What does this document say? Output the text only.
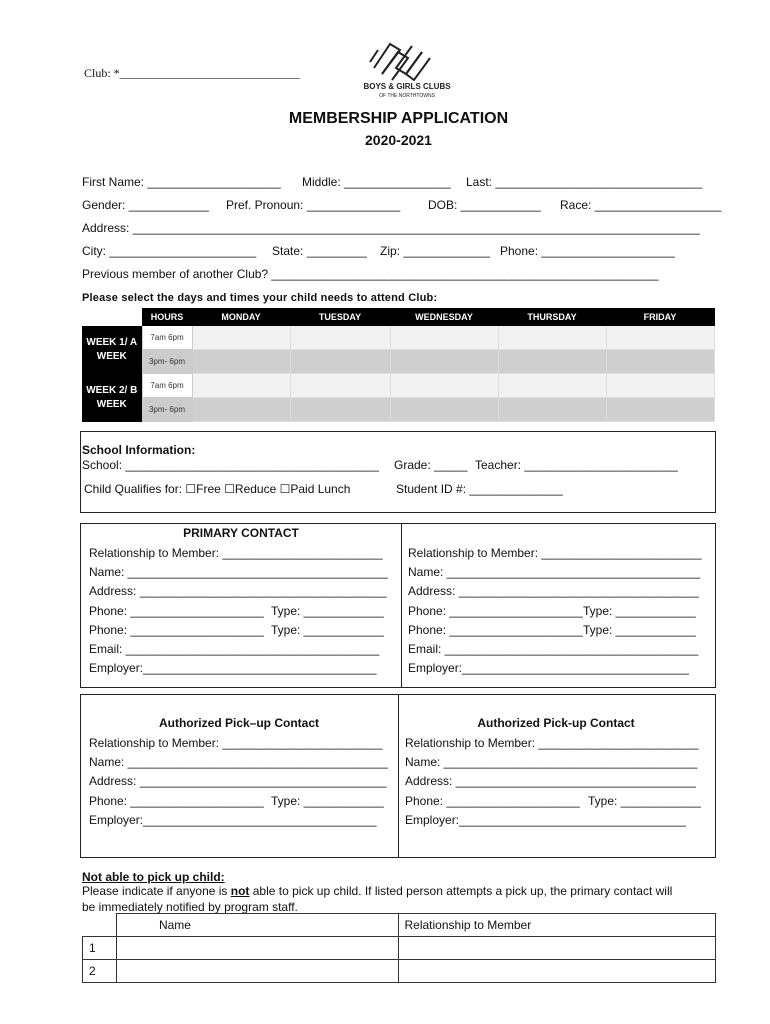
Club: *______________________________
BOYS & GIRLS CLUBS
OF THE NORTHTOWNS
MEMBERSHIP APPLICATION
2020-2021
First Name: ____________________ Middle: ________________ Last: _______________________________
Gender: ____________ Pref. Pronoun: ______________ DOB: ____________ Race: ___________________
Address: _____________________________________________________________________________________
City: ______________________ State: _________ Zip: _____________ Phone: ____________________
Previous member of another Club? __________________________________________________________
Please select the days and times your child needs to attend Club:
	HOURS	MONDAY	TUESDAY	WEDNESDAY	THURSDAY	FRIDAY
WEEK 1/ A WEEK	7am 6pm					
	3pm- 6pm					
WEEK 2/ B WEEK	7am 6pm					
	3pm- 6pm					
School Information:
School: ______________________________________ Grade: _____ Teacher: _______________________
Child Qualifies for: ☐Free ☐Reduce ☐Paid Lunch	Student ID #: ______________
PRIMARY CONTACT
Relationship to Member: ________________________
Name: _______________________________________
Address: _____________________________________
Phone: ____________________ Type: ____________
Phone: ____________________ Type: ____________
Email: ______________________________________
Employer:___________________________________
Relationship to Member: ________________________
Name: ______________________________________
Address: ____________________________________
Phone: ____________________ Type: ____________
Phone: ____________________ Type: ____________
Email: ______________________________________
Employer:__________________________________
Authorized Pick–up Contact
Relationship to Member: ________________________
Name: _______________________________________
Address: _____________________________________
Phone: ____________________ Type: ____________
Employer:___________________________________
Authorized Pick-up Contact
Relationship to Member: ________________________
Name: ______________________________________
Address: ____________________________________
Phone: ____________________ Type: ____________
Employer:__________________________________
Not able to pick up child:
Please indicate if anyone is not able to pick up child. If listed person attempts a pick up, the primary contact will
be immediately notified by program staff.
	Name	Relationship to Member
1		
2		
